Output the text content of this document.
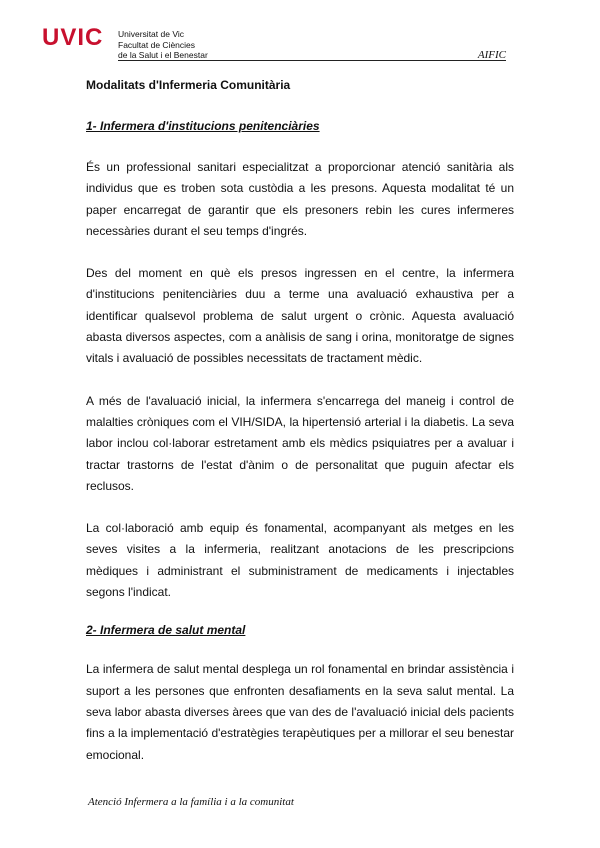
UVIC Universitat de Vic
Facultat de Ciències
de la Salut i el Benestar	AIFIC
Modalitats d'Infermeria Comunitària
1- Infermera d'institucions penitenciàries

És un professional sanitari especialitzat a proporcionar atenció sanitària als individus que es troben sota custòdia a les presons. Aquesta modalitat té un paper encarregat de garantir que els presoners rebin les cures infermeres necessàries durant el seu temps d'ingrés.

Des del moment en què els presos ingressen en el centre, la infermera d'institucions penitenciàries duu a terme una avaluació exhaustiva per a identificar qualsevol problema de salut urgent o crònic. Aquesta avaluació abasta diversos aspectes, com a anàlisis de sang i orina, monitoratge de signes vitals i avaluació de possibles necessitats de tractament mèdic.

A més de l'avaluació inicial, la infermera s'encarrega del maneig i control de malalties cròniques com el VIH/SIDA, la hipertensió arterial i la diabetis. La seva labor inclou col·laborar estretament amb els mèdics psiquiatres per a avaluar i tractar trastorns de l'estat d'ànim o de personalitat que puguin afectar els reclusos.

La col·laboració amb equip és fonamental, acompanyant als metges en les seves visites a la infermeria, realitzant anotacions de les prescripcions mèdiques i administrant el subministrament de medicaments i injectables segons l'indicat.

2- Infermera de salut mental

La infermera de salut mental desplega un rol fonamental en brindar assistència i suport a les persones que enfronten desafiaments en la seva salut mental. La seva labor abasta diverses àrees que van des de l'avaluació inicial dels pacients fins a la implementació d'estratègies terapèutiques per a millorar el seu benestar emocional.

Atenció Infermera a la família i a la comunitat
